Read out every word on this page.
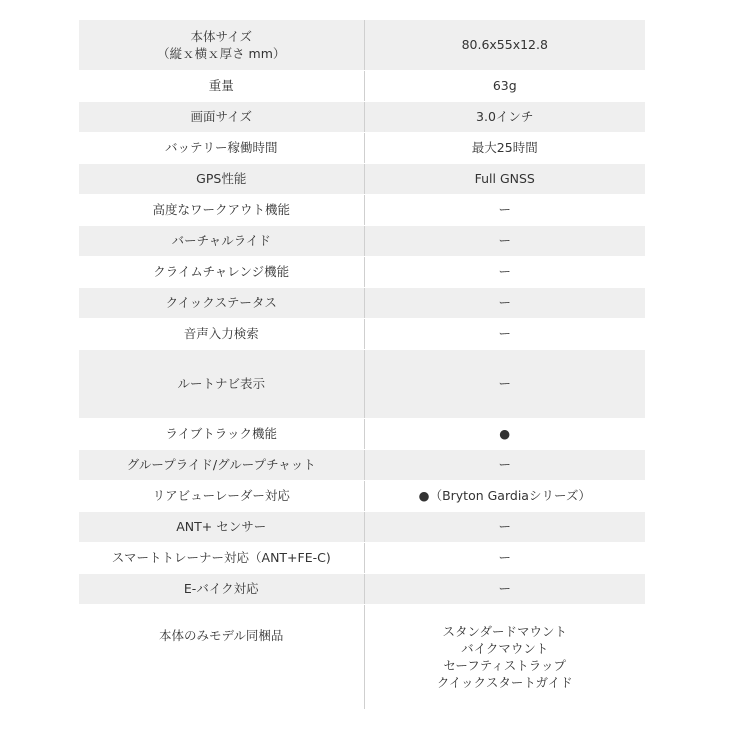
本体サイズ
（縦ｘ横ｘ厚さ mm）	80.6x55x12.8

重量	63g

画面サイズ	3.0インチ

バッテリー稼働時間	最大25時間

GPS性能	Full GNSS

高度なワークアウト機能	ー

バーチャルライド	ー

クライムチャレンジ機能	ー

クイックステータス	ー

音声入力検索	ー

ルートナビ表示	ー

ライブトラック機能	●

グループライド/グループチャット	ー

リアビューレーダー対応	●（Bryton Gardiaシリーズ）

ANT+ センサー	ー

スマートトレーナー対応（ANT+FE-C)	ー

E-バイク対応	ー

本体のみモデル同梱品	スタンダードマウント
バイクマウント
セーフティストラップ
クイックスタートガイド
